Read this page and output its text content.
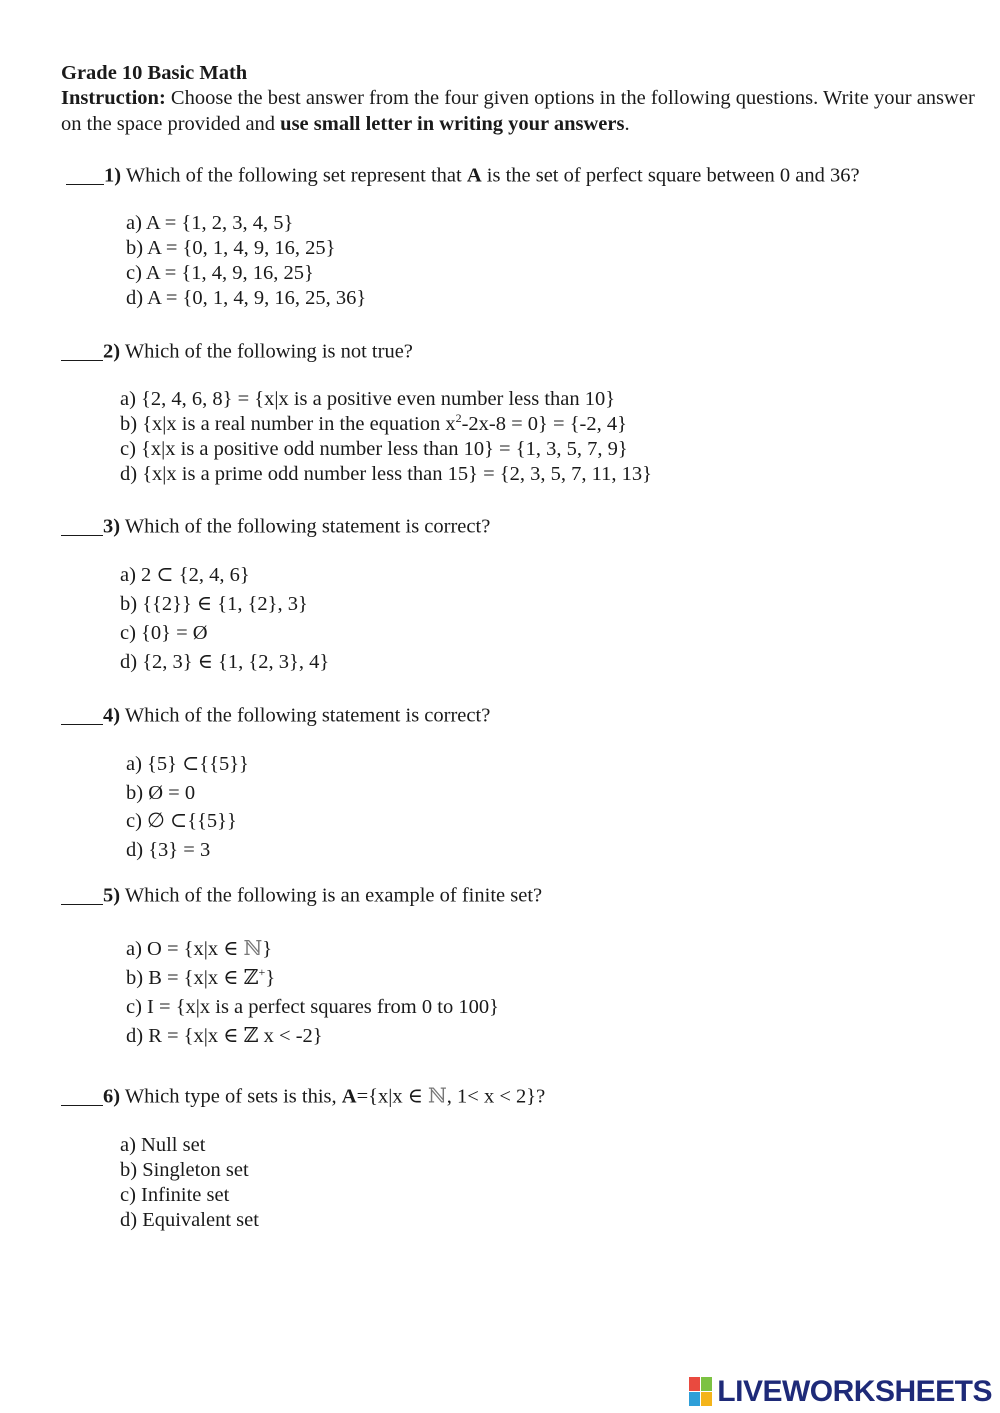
Grade 10 Basic Math
Instruction: Choose the best answer from the four given options in the following questions. Write your answer on the space provided and use small letter in writing your answers.
1) Which of the following set represent that A is the set of perfect square between 0 and 36?
a) A = {1, 2, 3, 4, 5}
b) A = {0, 1, 4, 9, 16, 25}
c) A = {1, 4, 9, 16, 25}
d) A = {0, 1, 4, 9, 16, 25, 36}
2) Which of the following is not true?
a) {2, 4, 6, 8} = {x|x is a positive even number less than 10}
b) {x|x is a real number in the equation $x^2-2x-8 = 0\} = \{-2$, 4}
c) {x|x is a positive odd number less than 10} = {1, 3, 5, 7, 9}
d) {x|x is a prime odd number less than 15} = {2, 3, 5, 7, 11, 13}
3) Which of the following statement is correct?
a) 2 ⊂ {2, 4, 6}
b) {{2}} ∈ {1, {2}, 3}
c) {0} = Ø
d) {2, 3} ∈ {1, {2, 3}, 4}
4) Which of the following statement is correct?
a) {5} ⊂{{5}}
b) Ø = 0
c) ∅ ⊂{{5}}
d) {3} = 3
5) Which of the following is an example of finite set?
a) O = {x|x ∈ ℕ}
b) B = {x|x ∈ ℤ+}
c) I = {x|x is a perfect squares from 0 to 100}
d) R = {x|x ∈ ℤ x < -2}
6) Which type of sets is this, A={x|x ∈ ℕ, 1< x < 2}?
a) Null set
b) Singleton set
c) Infinite set
d) Equivalent set
LIVEWORKSHEETS
